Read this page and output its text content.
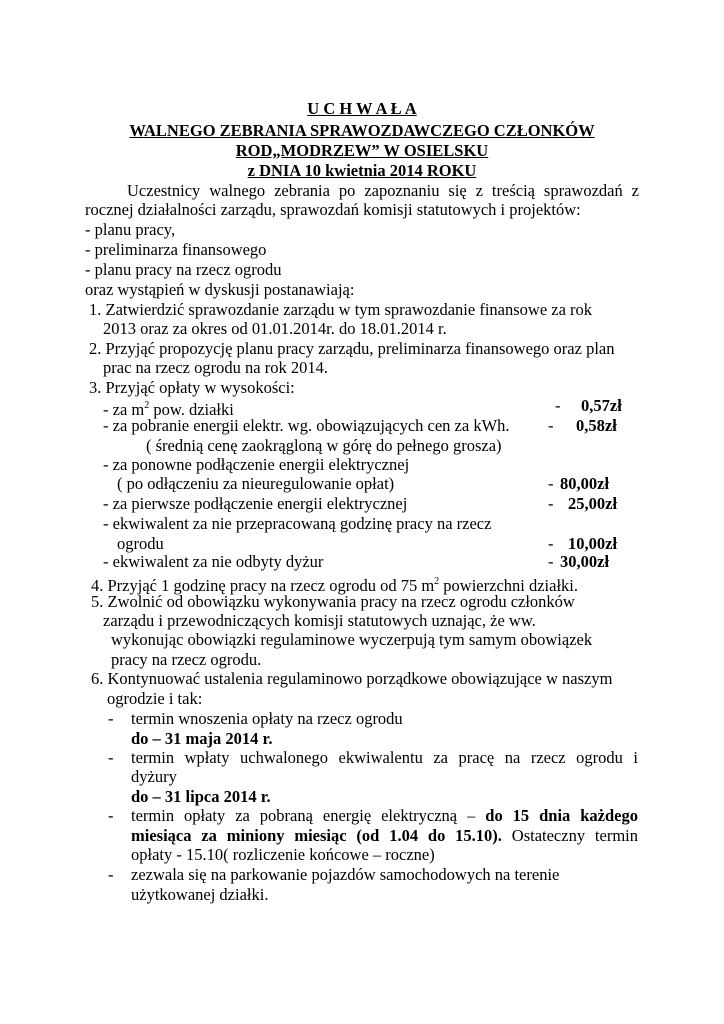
U C H W A Ł A
WALNEGO ZEBRANIA SPRAWOZDAWCZEGO CZŁONKÓW
ROD„MODRZEW” W OSIELSKU
z DNIA 10 kwietnia 2014 ROKU
Uczestnicy walnego zebrania po zapoznaniu się z treścią sprawozdań z
rocznej działalności zarządu, sprawozdań komisji statutowych i projektów:
- planu pracy,
- preliminarza finansowego
- planu pracy na rzecz ogrodu
oraz wystąpień w dyskusji postanawiają:
1. Zatwierdzić sprawozdanie zarządu w tym sprawozdanie finansowe za rok
2013 oraz za okres od 01.01.2014r. do 18.01.2014 r.
2. Przyjąć propozycję planu pracy zarządu, preliminarza finansowego oraz plan
prac na rzecz ogrodu na rok 2014.
3. Przyjąć opłaty w wysokości:
- za $m^2$ pow. działki	- 0,57zł
- za pobranie energii elektr. wg. obowiązujących cen za kWh. - 0,58zł
( średnią cenę zaokrągloną w górę do pełnego grosza)
- za ponowne podłączenie energii elektrycznej
( po odłączeniu za nieuregulowanie opłat)	- 80,00zł
- za pierwsze podłączenie energii elektrycznej	- 25,00zł
- ekwiwalent za nie przepracowaną godzinę pracy na rzecz
ogrodu	- 10,00zł
- ekwiwalent za nie odbyty dyżur	- 30,00zł
4. Przyjąć 1 godzinę pracy na rzecz ogrodu od 75 $m^2$ powierzchni działki.
5. Zwolnić od obowiązku wykonywania pracy na rzecz ogrodu członków
zarządu i przewodniczących komisji statutowych uznając, że ww.
wykonując obowiązki regulaminowe wyczerpują tym samym obowiązek
pracy na rzecz ogrodu.
6. Kontynuować ustalenia regulaminowo porządkowe obowiązujące w naszym
ogrodzie i tak:
- termin wnoszenia opłaty na rzecz ogrodu
do – 31 maja 2014 r.
- termin wpłaty uchwalonego ekwiwalentu za pracę na rzecz ogrodu i
dyżury
do – 31 lipca 2014 r.
- termin opłaty za pobraną energię elektryczną – do 15 dnia każdego
miesiąca za miniony miesiąc (od 1.04 do 15.10). Ostateczny termin
opłaty - 15.10( rozliczenie końcowe – roczne)
- zezwala się na parkowanie pojazdów samochodowych na terenie
użytkowanej działki.
